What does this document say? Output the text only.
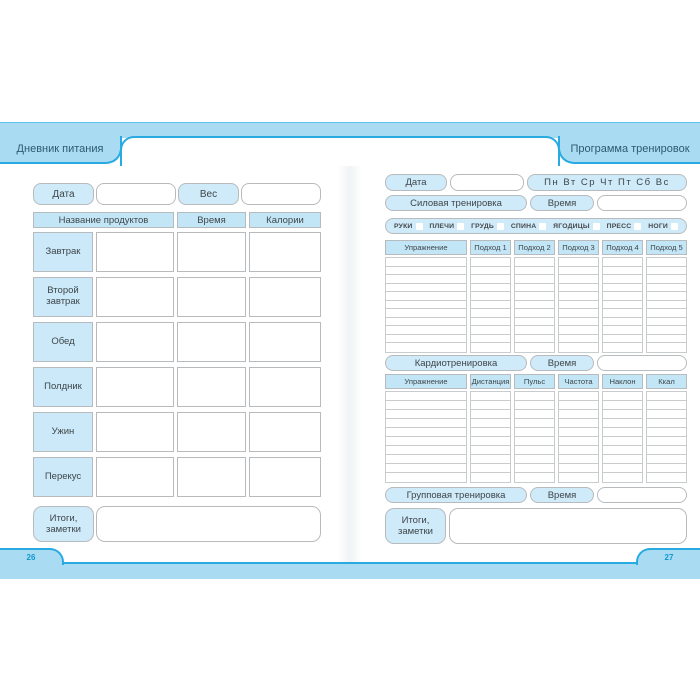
Дневник питания	Программа тренировок
Дата	Вес
Название продуктов	Время	Калории
Завтрак
Второй завтрак
Обед
Полдник
Ужин
Перекус
Итоги, заметки
Дата	Пн Вт Ср Чт Пт Сб Вс
Силовая тренировка	Время
РУКИ ПЛЕЧИ ГРУДЬ СПИНА ЯГОДИЦЫ ПРЕСС НОГИ
Упражнение	Подход 1	Подход 2	Подход 3	Подход 4	Подход 5
Кардиотренировка	Время
Упражнение	Дистанция	Пульс	Частота	Наклон	Ккал
Групповая тренировка	Время
Итоги, заметки
26	27
